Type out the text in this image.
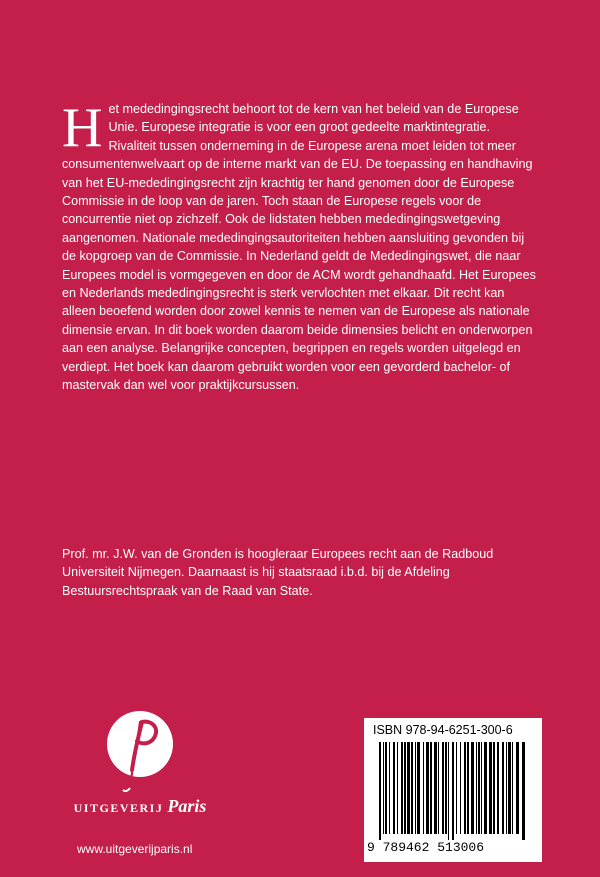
Het mededingingsrecht behoort tot de kern van het beleid van de Europese Unie. Europese integratie is voor een groot gedeelte marktintegratie. Rivaliteit tussen onderneming in de Europese arena moet leiden tot meer consumentenwelvaart op de interne markt van de EU. De toepassing en handhaving van het EU-mededingingsrecht zijn krachtig ter hand genomen door de Europese Commissie in de loop van de jaren. Toch staan de Europese regels voor de concurrentie niet op zichzelf. Ook de lidstaten hebben mededingingswetgeving aangenomen. Nationale mededingingsautoriteiten hebben aansluiting gevonden bij de kopgroep van de Commissie. In Nederland geldt de Mededingingswet, die naar Europees model is vormgegeven en door de ACM wordt gehandhaafd. Het Europees en Nederlands mededingingsrecht is sterk vervlochten met elkaar. Dit recht kan alleen beoefend worden door zowel kennis te nemen van de Europese als nationale dimensie ervan. In dit boek worden daarom beide dimensies belicht en onderworpen aan een analyse. Belangrijke concepten, begrippen en regels worden uitgelegd en verdiept. Het boek kan daarom gebruikt worden voor een gevorderd bachelor- of mastervak dan wel voor praktijkcursussen.
Prof. mr. J.W. van de Gronden is hoogleraar Europees recht aan de Radboud Universiteit Nijmegen. Daarnaast is hij staatsraad i.b.d. bij de Afdeling Bestuursrechtspraak van de Raad van State.
UITGEVERIJ Paris
www.uitgeverijparis.nl
ISBN 978-94-6251-300-6
9 789462 513006
